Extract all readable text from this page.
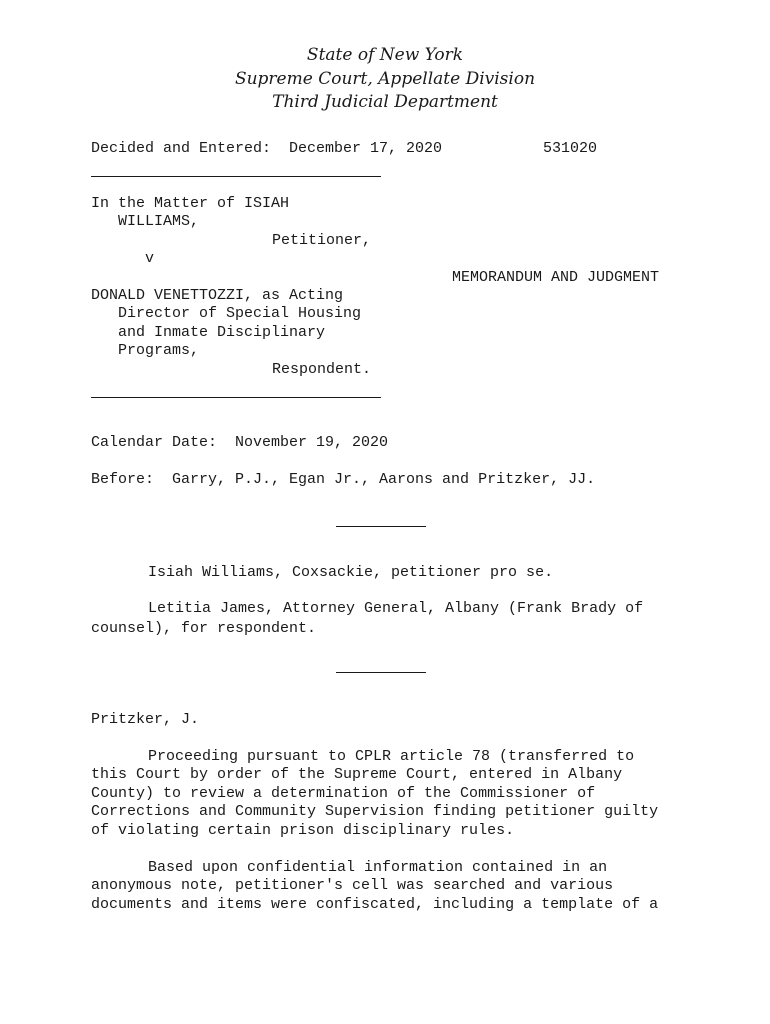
State of New York
Supreme Court, Appellate Division
Third Judicial Department
Decided and Entered:  December 17, 2020	531020
In the Matter of ISIAH
WILLIAMS,
Petitioner,
v
MEMORANDUM AND JUDGMENT
DONALD VENETTOZZI, as Acting
Director of Special Housing
and Inmate Disciplinary
Programs,
Respondent.
Calendar Date:  November 19, 2020
Before:  Garry, P.J., Egan Jr., Aarons and Pritzker, JJ.
Isiah Williams, Coxsackie, petitioner pro se.
Letitia James, Attorney General, Albany (Frank Brady of
counsel), for respondent.
Pritzker, J.
Proceeding pursuant to CPLR article 78 (transferred to
this Court by order of the Supreme Court, entered in Albany
County) to review a determination of the Commissioner of
Corrections and Community Supervision finding petitioner guilty
of violating certain prison disciplinary rules.
Based upon confidential information contained in an
anonymous note, petitioner's cell was searched and various
documents and items were confiscated, including a template of a
